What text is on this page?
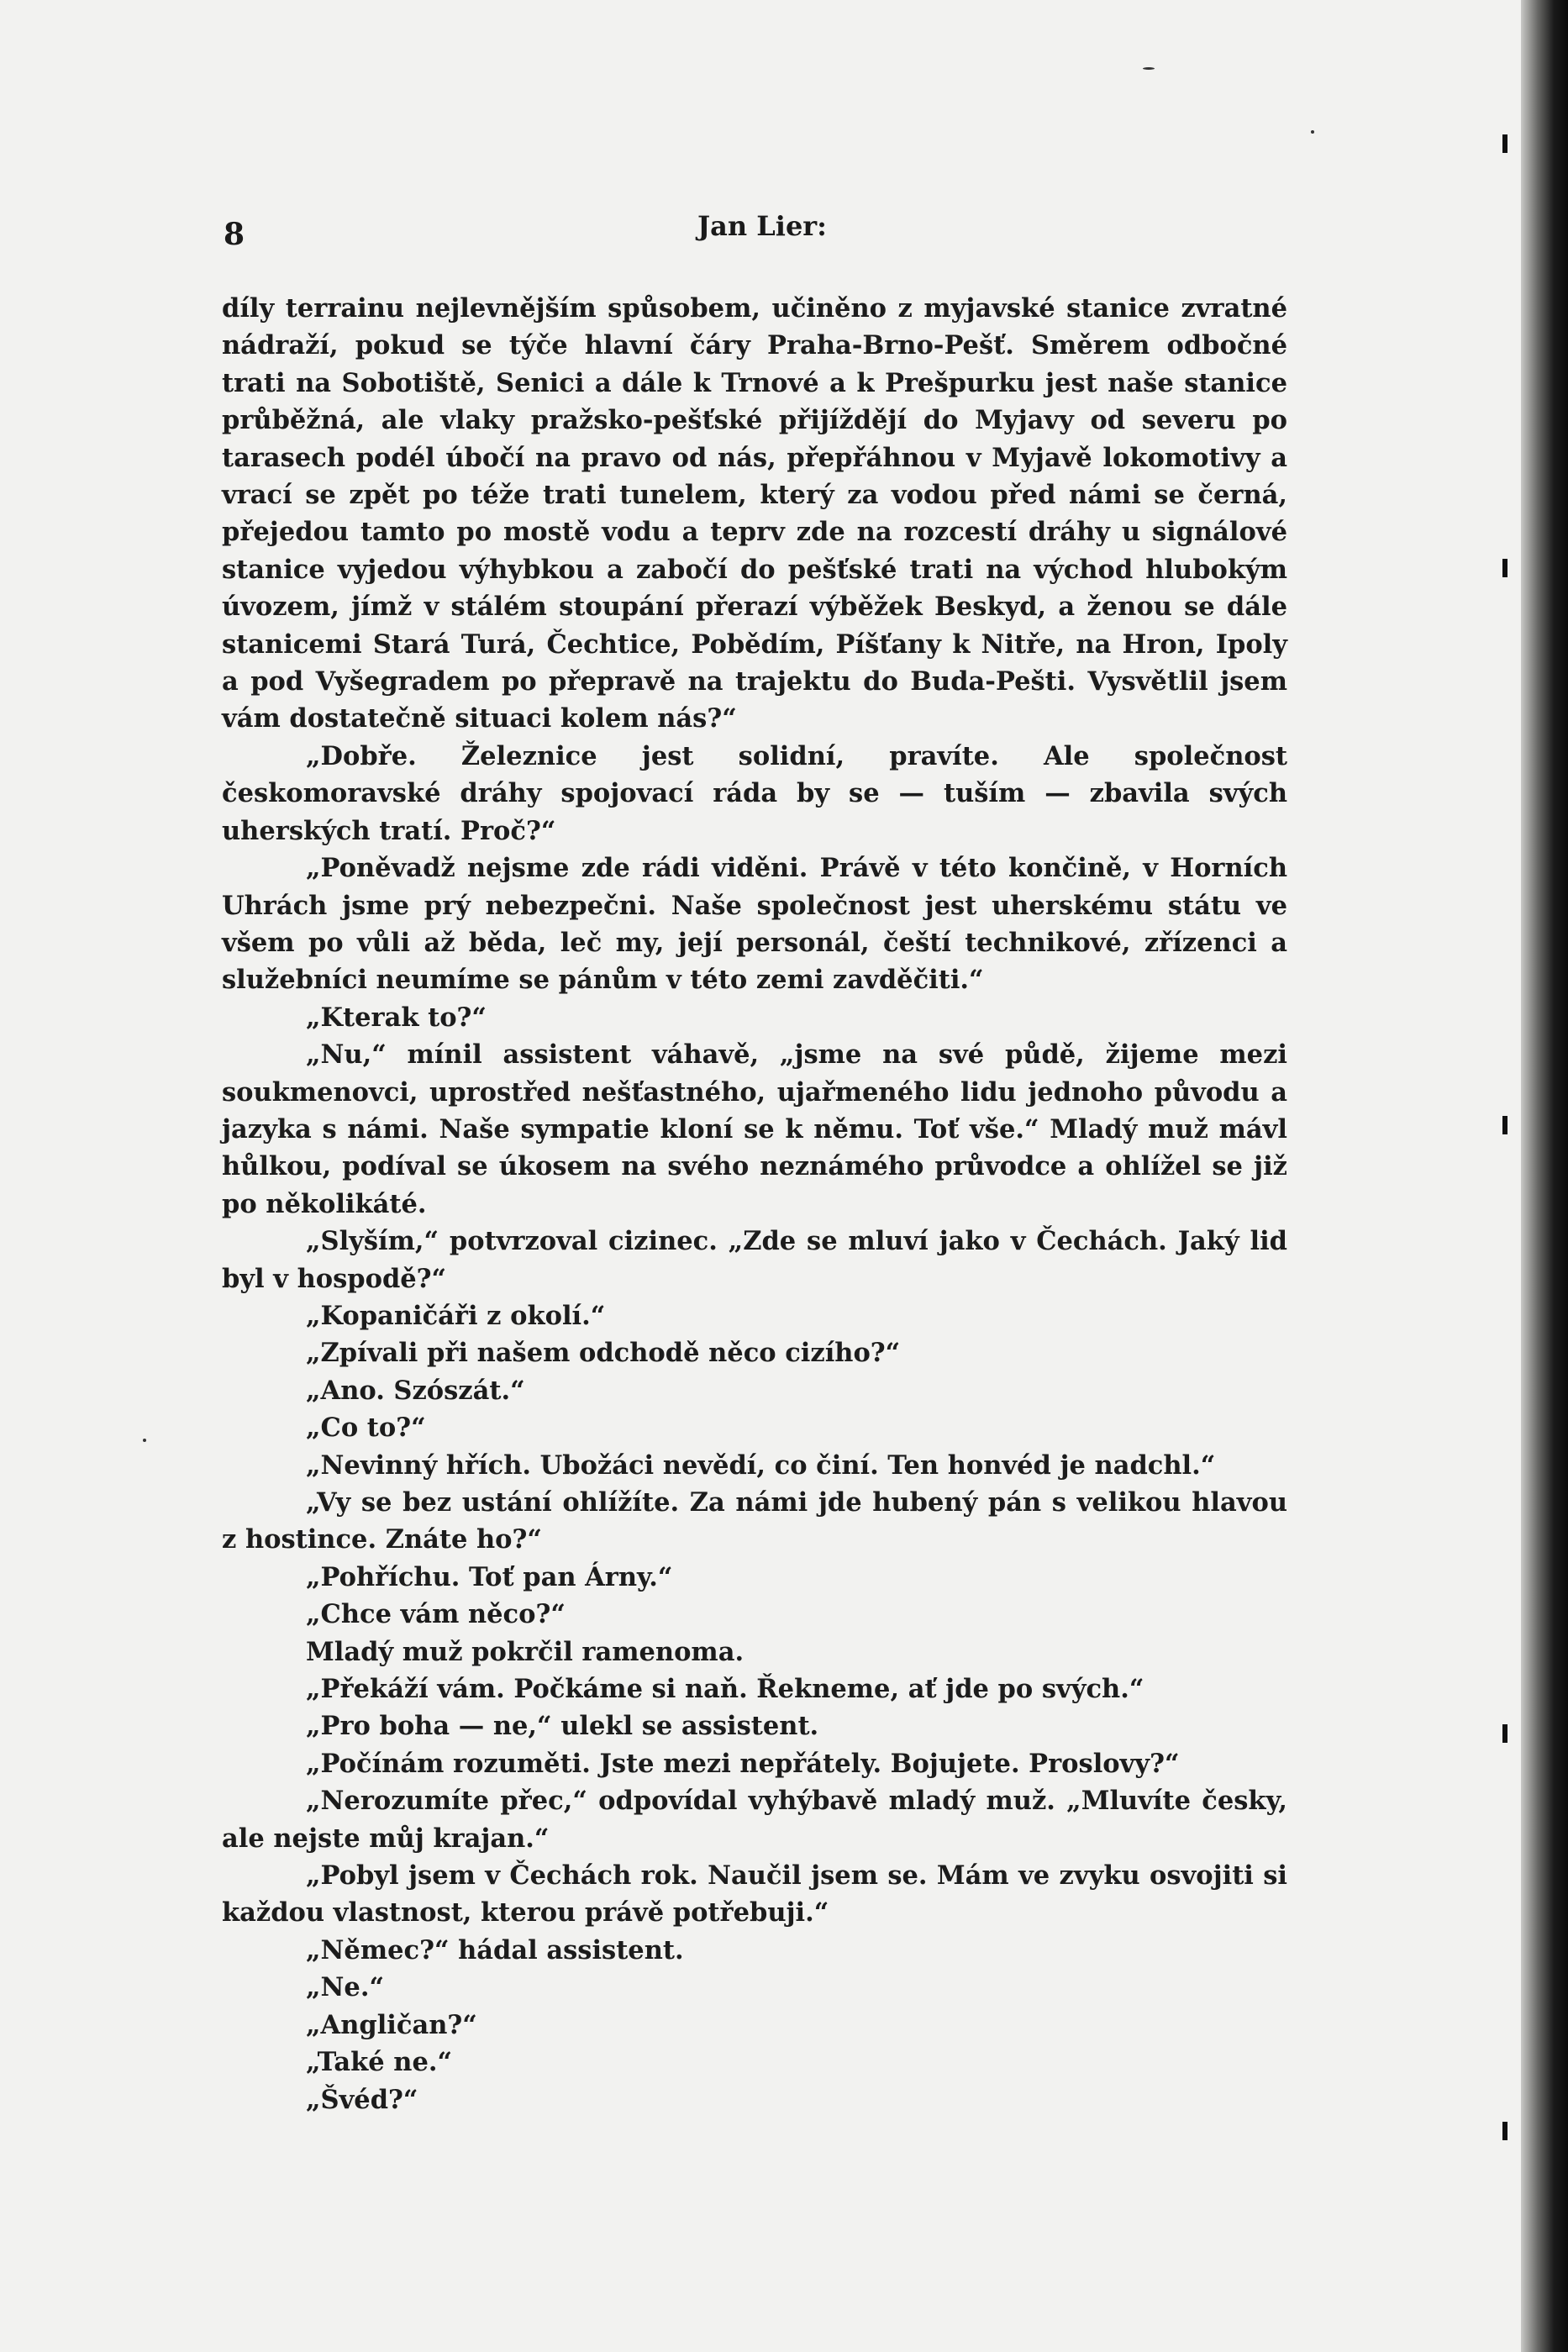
8	Jan Lier:

díly terrainu nejlevnějším spůsobem, učiněno z myjavské stanice zvratné nádraží, pokud se týče hlavní čáry Praha-Brno-Pešť. Směrem odbočné trati na Sobotiště, Senici a dále k Trnové a k Prešpurku jest naše stanice průběžná, ale vlaky pražsko-pešťské přijíždějí do Myjavy od severu po tarasech podél úbočí na pravo od nás, přepřáhnou v Myjavě lokomotivy a vrací se zpět po téže trati tunelem, který za vodou před námi se černá, přejedou tamto po mostě vodu a teprv zde na rozcestí dráhy u signálové stanice vyjedou výhybkou a zabočí do pešťské trati na východ hlubokým úvozem, jímž v stálém stoupání přerazí výběžek Beskyd, a ženou se dále stanicemi Stará Turá, Čechtice, Pobědím, Píšťany k Nitře, na Hron, Ipoly a pod Vyšegradem po přepravě na trajektu do Buda-Pešti. Vysvětlil jsem vám dostatečně situaci kolem nás?“

„Dobře. Železnice jest solidní, pravíte. Ale společnost českomoravské dráhy spojovací ráda by se — tuším — zbavila svých uherských tratí. Proč?“

„Poněvadž nejsme zde rádi viděni. Právě v této končině, v Horních Uhrách jsme prý nebezpečni. Naše společnost jest uherskému státu ve všem po vůli až běda, leč my, její personál, čeští technikové, zřízenci a služebníci neumíme se pánům v této zemi zavděčiti.“

„Kterak to?“

„Nu,“ mínil assistent váhavě, „jsme na své půdě, žijeme mezi soukmenovci, uprostřed nešťastného, ujařmeného lidu jednoho původu a jazyka s námi. Naše sympatie kloní se k němu. Toť vše.“ Mladý muž mávl hůlkou, podíval se úkosem na svého neznámého průvodce a ohlížel se již po několikáté.

„Slyším,“ potvrzoval cizinec. „Zde se mluví jako v Čechách. Jaký lid byl v hospodě?“

„Kopaničáři z okolí.“

„Zpívali při našem odchodě něco cizího?“

„Ano. Szószát.“

„Co to?“

„Nevinný hřích. Ubožáci nevědí, co činí. Ten honvéd je nadchl.“

„Vy se bez ustání ohlížíte. Za námi jde hubený pán s velikou hlavou z hostince. Znáte ho?“

„Pohříchu. Toť pan Árny.“

„Chce vám něco?“

Mladý muž pokrčil ramenoma.

„Překáží vám. Počkáme si naň. Řekneme, ať jde po svých.“

„Pro boha — ne,“ ulekl se assistent.

„Počínám rozuměti. Jste mezi nepřátely. Bojujete. Proslovy?“

„Nerozumíte přec,“ odpovídal vyhýbavě mladý muž. „Mluvíte česky, ale nejste můj krajan.“

„Pobyl jsem v Čechách rok. Naučil jsem se. Mám ve zvyku osvojiti si každou vlastnost, kterou právě potřebuji.“

„Němec?“ hádal assistent.

„Ne.“

„Angličan?“

„Také ne.“

„Švéd?“
